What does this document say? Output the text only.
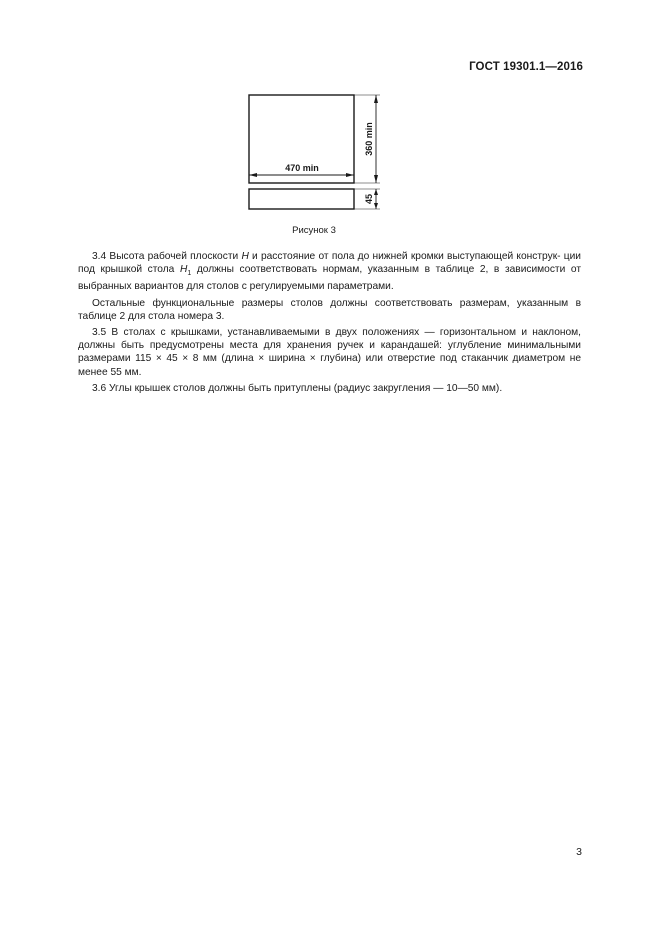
ГОСТ 19301.1—2016
360 min
470 min
45
Рисунок 3

3.4 Высота рабочей плоскости H и расстояние от пола до нижней кромки выступающей конструк- ции под крышкой стола $H_1$ должны соответствовать нормам, указанным в таблице 2, в зависимости от выбранных вариантов для столов с регулируемыми параметрами.

Остальные функциональные размеры столов должны соответствовать размерам, указанным в таблице 2 для стола номера 3.

3.5 В столах с крышками, устанавливаемыми в двух положениях — горизонтальном и наклоном, должны быть предусмотрены места для хранения ручек и карандашей: углубление минимальными размерами 115 × 45 × 8 мм (длина × ширина × глубина) или отверстие под стаканчик диаметром не менее 55 мм.

3.6 Углы крышек столов должны быть притуплены (радиус закругления — 10—50 мм).

3
